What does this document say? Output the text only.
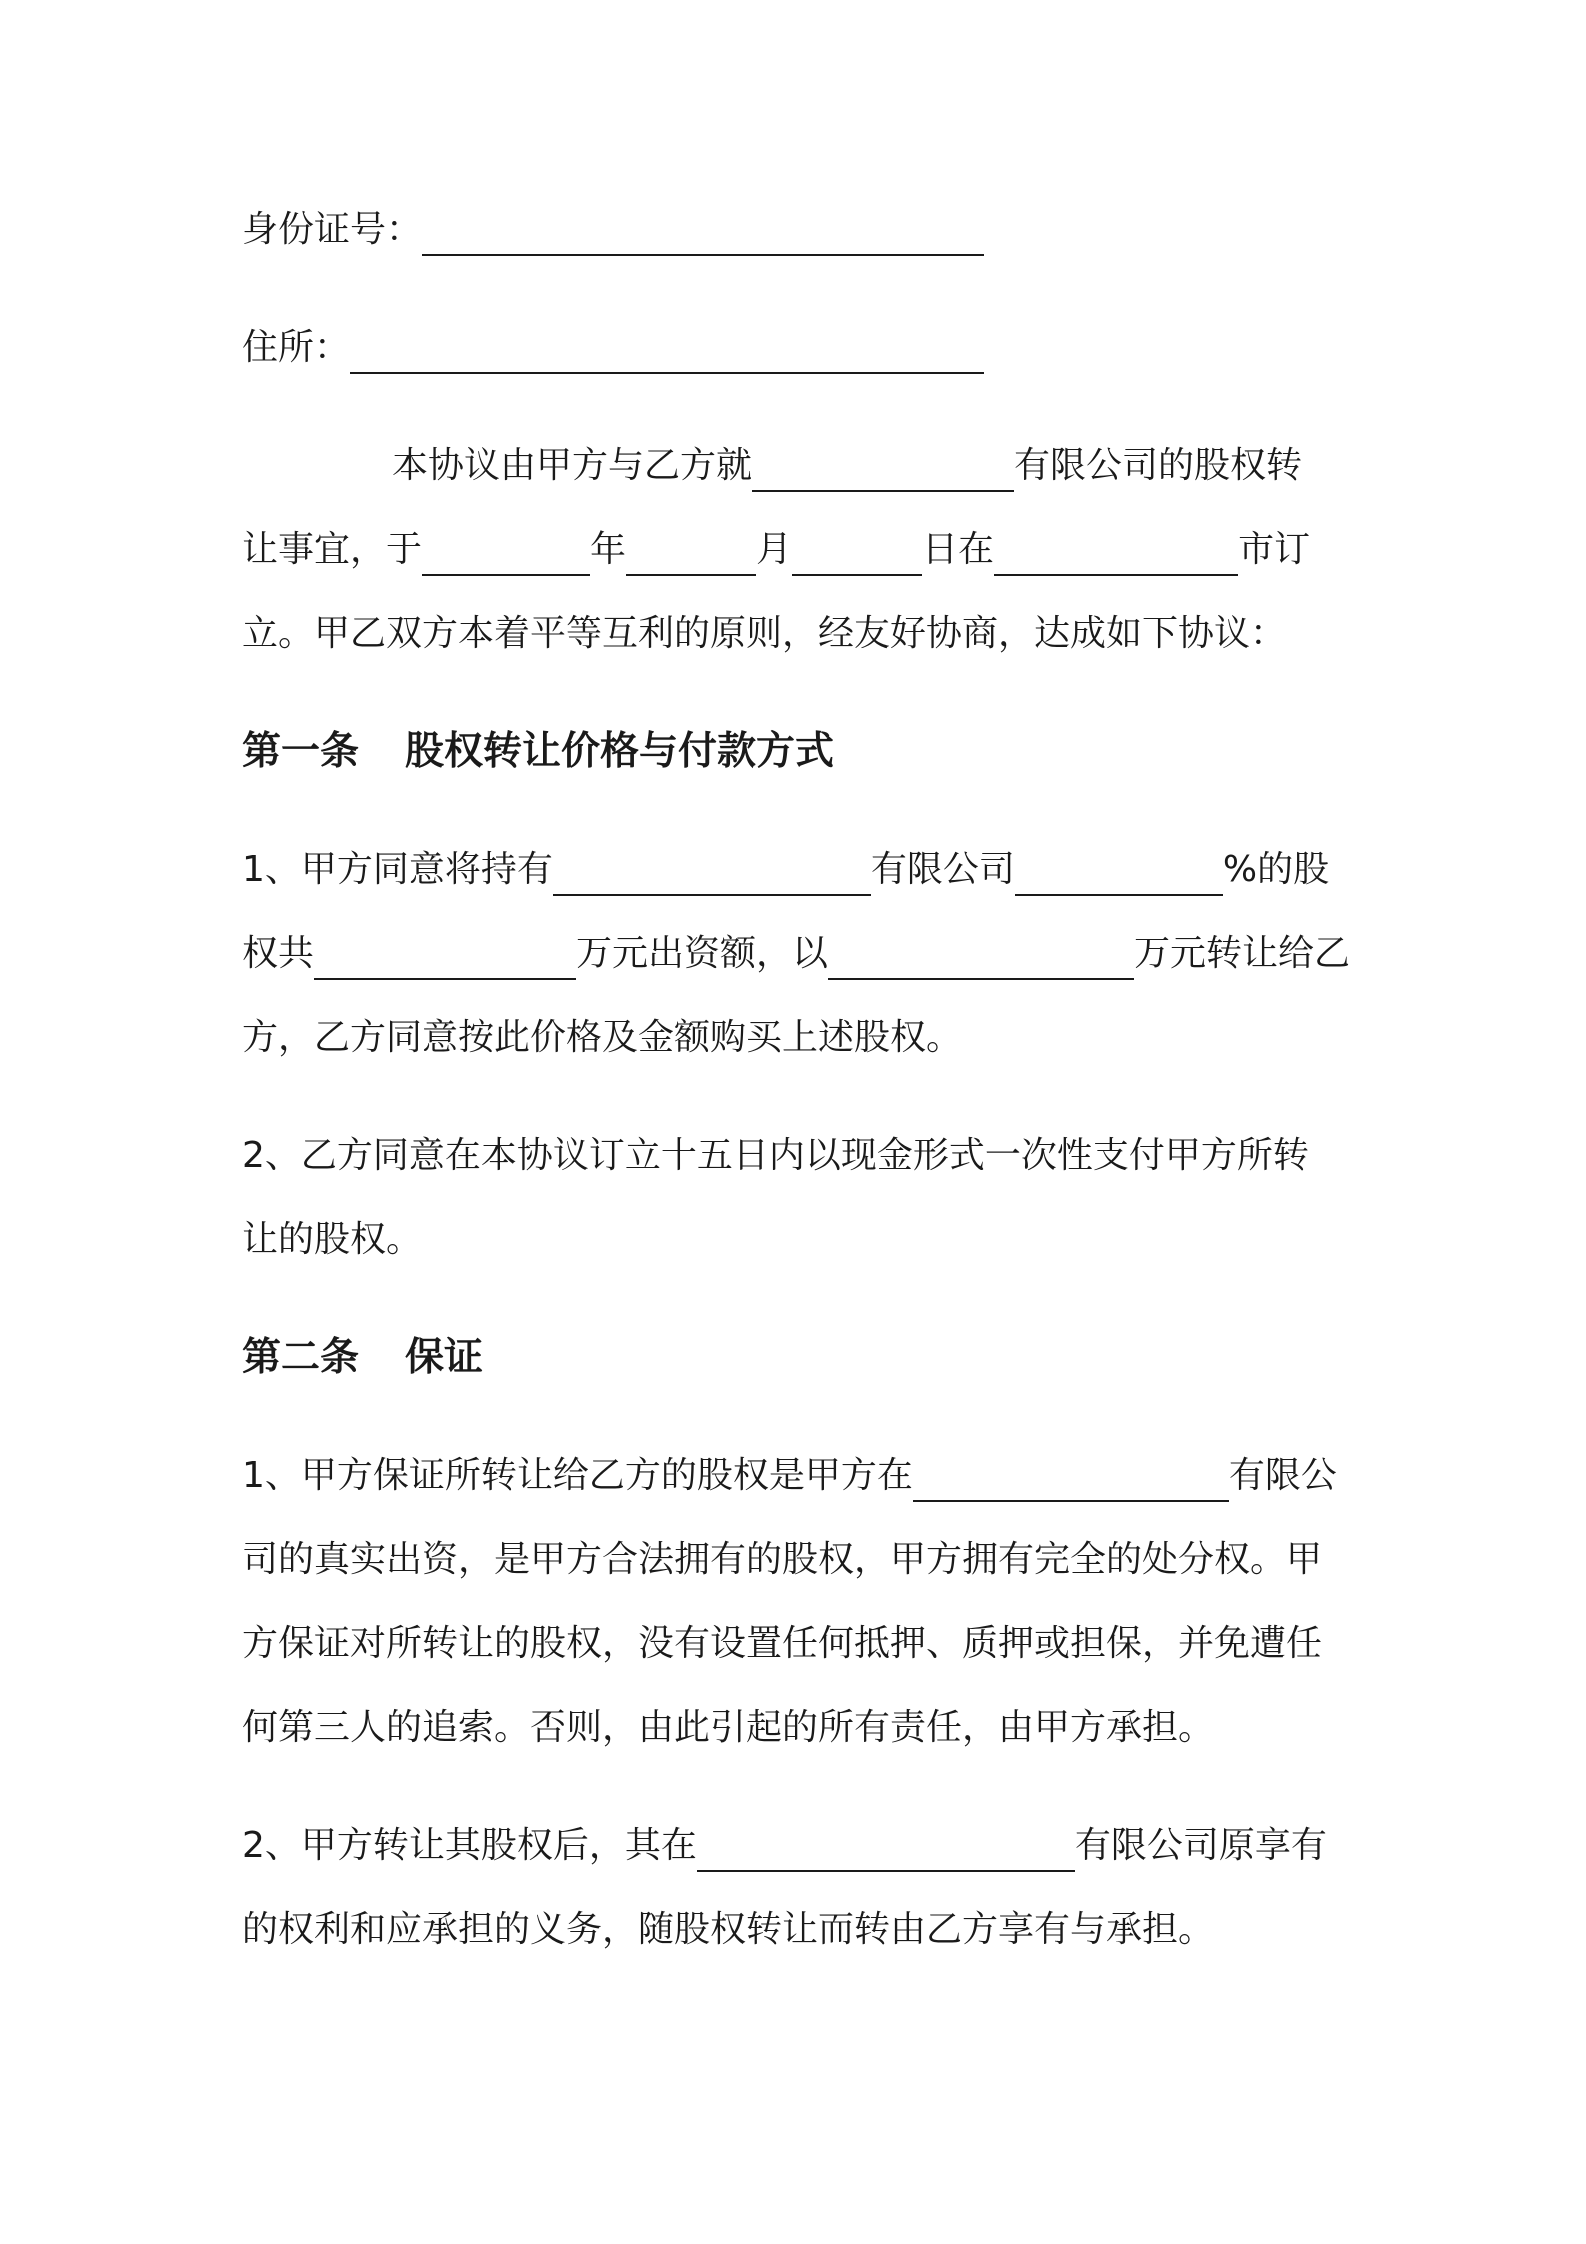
身份证号：
住所：
本协议由甲方与乙方就	有限公司的股权转
让事宜，于	年	月	日在	市订
立。甲乙双方本着平等互利的原则，经友好协商，达成如下协议：
第一条 股权转让价格与付款方式
1、甲方同意将持有	有限公司	%的股
权共	万元出资额，以	万元转让给乙
方，乙方同意按此价格及金额购买上述股权。
2、乙方同意在本协议订立十五日内以现金形式一次性支付甲方所转
让的股权。
第二条 保证
1、甲方保证所转让给乙方的股权是甲方在	有限公
司的真实出资，是甲方合法拥有的股权，甲方拥有完全的处分权。甲
方保证对所转让的股权，没有设置任何抵押、质押或担保，并免遭任
何第三人的追索。否则，由此引起的所有责任，由甲方承担。
2、甲方转让其股权后，其在	有限公司原享有
的权利和应承担的义务，随股权转让而转由乙方享有与承担。
